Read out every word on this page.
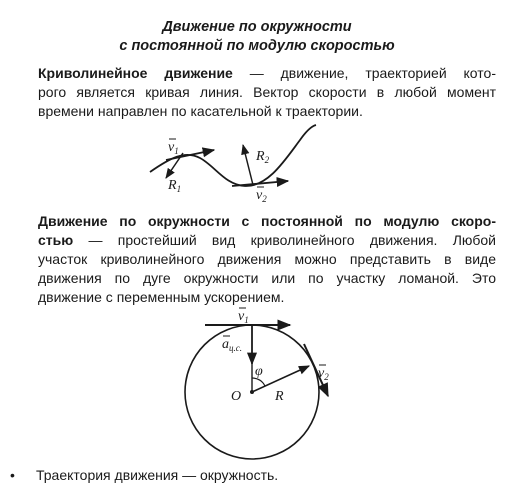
Движение по окружности
с постоянной по модулю скоростью

Криволинейное движение — движение, траекторией кото-
рого является кривая линия. Вектор скорости в любой момент
времени направлен по касательной к траектории.

$v_1$
$R_1$
$R_2$
$v_2$

Движение по окружности с постоянной по модулю скоро-
стью — простейший вид криволинейного движения. Любой
участок криволинейного движения можно представить в виде
движения по дуге окружности или по участку ломаной. Это
движение с переменным ускорением.

$v_1$
$a_{ц.с.}$
φ
O R
$v_2$
• Траектория движения — окружность.
